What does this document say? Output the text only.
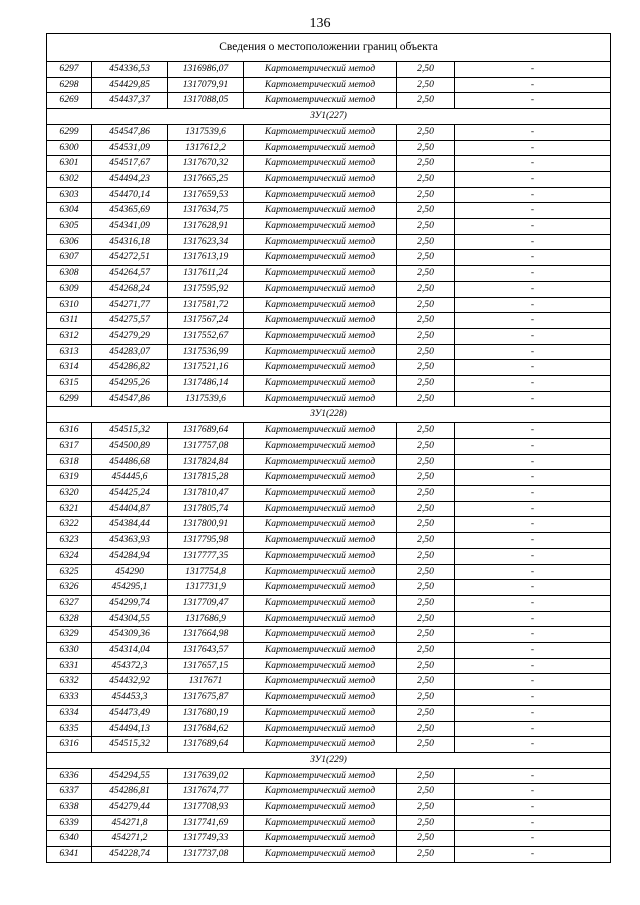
136
Сведения о местоположении границ объекта					
6297	454336,53	1316986,07	Картометрический метод	2,50	-
6298	454429,85	1317079,91	Картометрический метод	2,50	-
6269	454437,37	1317088,05	Картометрический метод	2,50	-
ЗУ1(227)					
6299	454547,86	1317539,6	Картометрический метод	2,50	-
6300	454531,09	1317612,2	Картометрический метод	2,50	-
6301	454517,67	1317670,32	Картометрический метод	2,50	-
6302	454494,23	1317665,25	Картометрический метод	2,50	-
6303	454470,14	1317659,53	Картометрический метод	2,50	-
6304	454365,69	1317634,75	Картометрический метод	2,50	-
6305	454341,09	1317628,91	Картометрический метод	2,50	-
6306	454316,18	1317623,34	Картометрический метод	2,50	-
6307	454272,51	1317613,19	Картометрический метод	2,50	-
6308	454264,57	1317611,24	Картометрический метод	2,50	-
6309	454268,24	1317595,92	Картометрический метод	2,50	-
6310	454271,77	1317581,72	Картометрический метод	2,50	-
6311	454275,57	1317567,24	Картометрический метод	2,50	-
6312	454279,29	1317552,67	Картометрический метод	2,50	-
6313	454283,07	1317536,99	Картометрический метод	2,50	-
6314	454286,82	1317521,16	Картометрический метод	2,50	-
6315	454295,26	1317486,14	Картометрический метод	2,50	-
6299	454547,86	1317539,6	Картометрический метод	2,50	-
ЗУ1(228)					
6316	454515,32	1317689,64	Картометрический метод	2,50	-
6317	454500,89	1317757,08	Картометрический метод	2,50	-
6318	454486,68	1317824,84	Картометрический метод	2,50	-
6319	454445,6	1317815,28	Картометрический метод	2,50	-
6320	454425,24	1317810,47	Картометрический метод	2,50	-
6321	454404,87	1317805,74	Картометрический метод	2,50	-
6322	454384,44	1317800,91	Картометрический метод	2,50	-
6323	454363,93	1317795,98	Картометрический метод	2,50	-
6324	454284,94	1317777,35	Картометрический метод	2,50	-
6325	454290	1317754,8	Картометрический метод	2,50	-
6326	454295,1	1317731,9	Картометрический метод	2,50	-
6327	454299,74	1317709,47	Картометрический метод	2,50	-
6328	454304,55	1317686,9	Картометрический метод	2,50	-
6329	454309,36	1317664,98	Картометрический метод	2,50	-
6330	454314,04	1317643,57	Картометрический метод	2,50	-
6331	454372,3	1317657,15	Картометрический метод	2,50	-
6332	454432,92	1317671	Картометрический метод	2,50	-
6333	454453,3	1317675,87	Картометрический метод	2,50	-
6334	454473,49	1317680,19	Картометрический метод	2,50	-
6335	454494,13	1317684,62	Картометрический метод	2,50	-
6316	454515,32	1317689,64	Картометрический метод	2,50	-
ЗУ1(229)					
6336	454294,55	1317639,02	Картометрический метод	2,50	-
6337	454286,81	1317674,77	Картометрический метод	2,50	-
6338	454279,44	1317708,93	Картометрический метод	2,50	-
6339	454271,8	1317741,69	Картометрический метод	2,50	-
6340	454271,2	1317749,33	Картометрический метод	2,50	-
6341	454228,74	1317737,08	Картометрический метод	2,50	-
